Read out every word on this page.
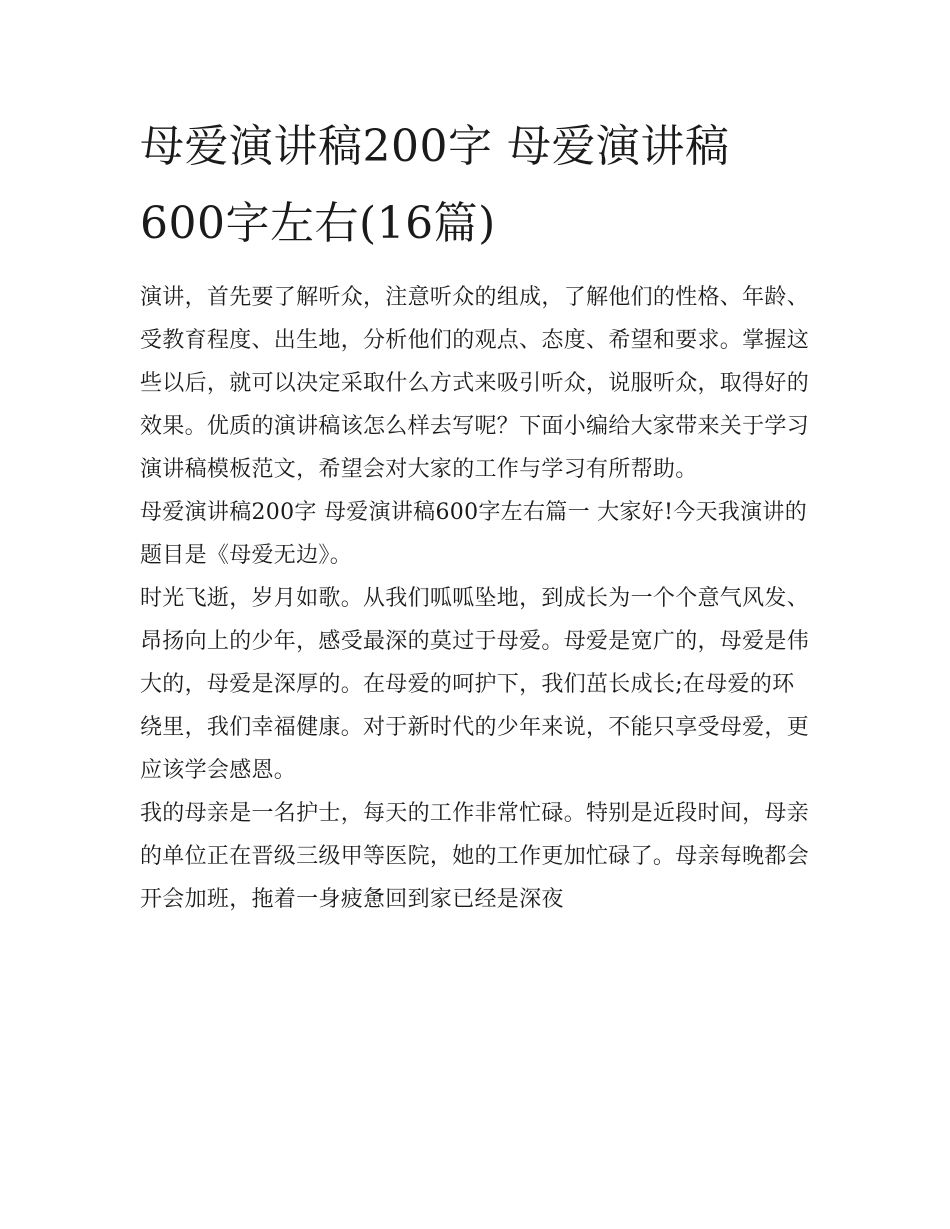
母爱演讲稿200字 母爱演讲稿600字左右(16篇)

演讲，首先要了解听众，注意听众的组成，了解他们的性格、年龄、受教育程度、出生地，分析他们的观点、态度、希望和要求。掌握这些以后，就可以决定采取什么方式来吸引听众，说服听众，取得好的效果。优质的演讲稿该怎么样去写呢？下面小编给大家带来关于学习演讲稿模板范文，希望会对大家的工作与学习有所帮助。

母爱演讲稿200字 母爱演讲稿600字左右篇一 大家好!今天我演讲的题目是《母爱无边》。

时光飞逝，岁月如歌。从我们呱呱坠地，到成长为一个个意气风发、昂扬向上的少年，感受最深的莫过于母爱。母爱是宽广的，母爱是伟大的，母爱是深厚的。在母爱的呵护下，我们茁长成长;在母爱的环绕里，我们幸福健康。对于新时代的少年来说，不能只享受母爱，更应该学会感恩。

我的母亲是一名护士，每天的工作非常忙碌。特别是近段时间，母亲的单位正在晋级三级甲等医院，她的工作更加忙碌了。母亲每晚都会开会加班，拖着一身疲惫回到家已经是深夜
